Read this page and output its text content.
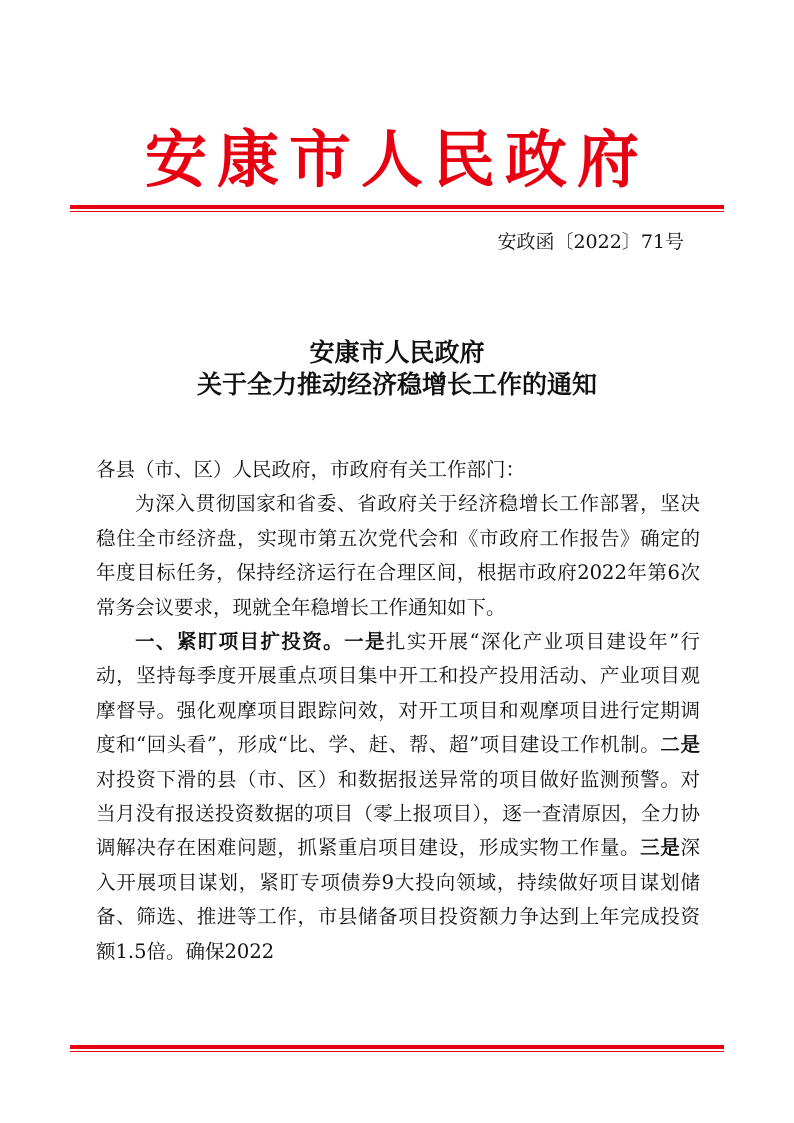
安康市人民政府
安政函〔2022〕71号
安康市人民政府
关于全力推动经济稳增长工作的通知

各县（市、区）人民政府，市政府有关工作部门：

为深入贯彻国家和省委、省政府关于经济稳增长工作部署，坚决稳住全市经济盘，实现市第五次党代会和《市政府工作报告》确定的年度目标任务，保持经济运行在合理区间，根据市政府2022年第6次常务会议要求，现就全年稳增长工作通知如下。

一、紧盯项目扩投资。一是扎实开展“深化产业项目建设年”行动，坚持每季度开展重点项目集中开工和投产投用活动、产业项目观摩督导。强化观摩项目跟踪问效，对开工项目和观摩项目进行定期调度和“回头看”，形成“比、学、赶、帮、超”项目建设工作机制。二是对投资下滑的县（市、区）和数据报送异常的项目做好监测预警。对当月没有报送投资数据的项目（零上报项目），逐一查清原因，全力协调解决存在困难问题，抓紧重启项目建设，形成实物工作量。三是深入开展项目谋划，紧盯专项债券9大投向领域，持续做好项目谋划储备、筛选、推进等工作，市县储备项目投资额力争达到上年完成投资额1.5倍。确保2022
